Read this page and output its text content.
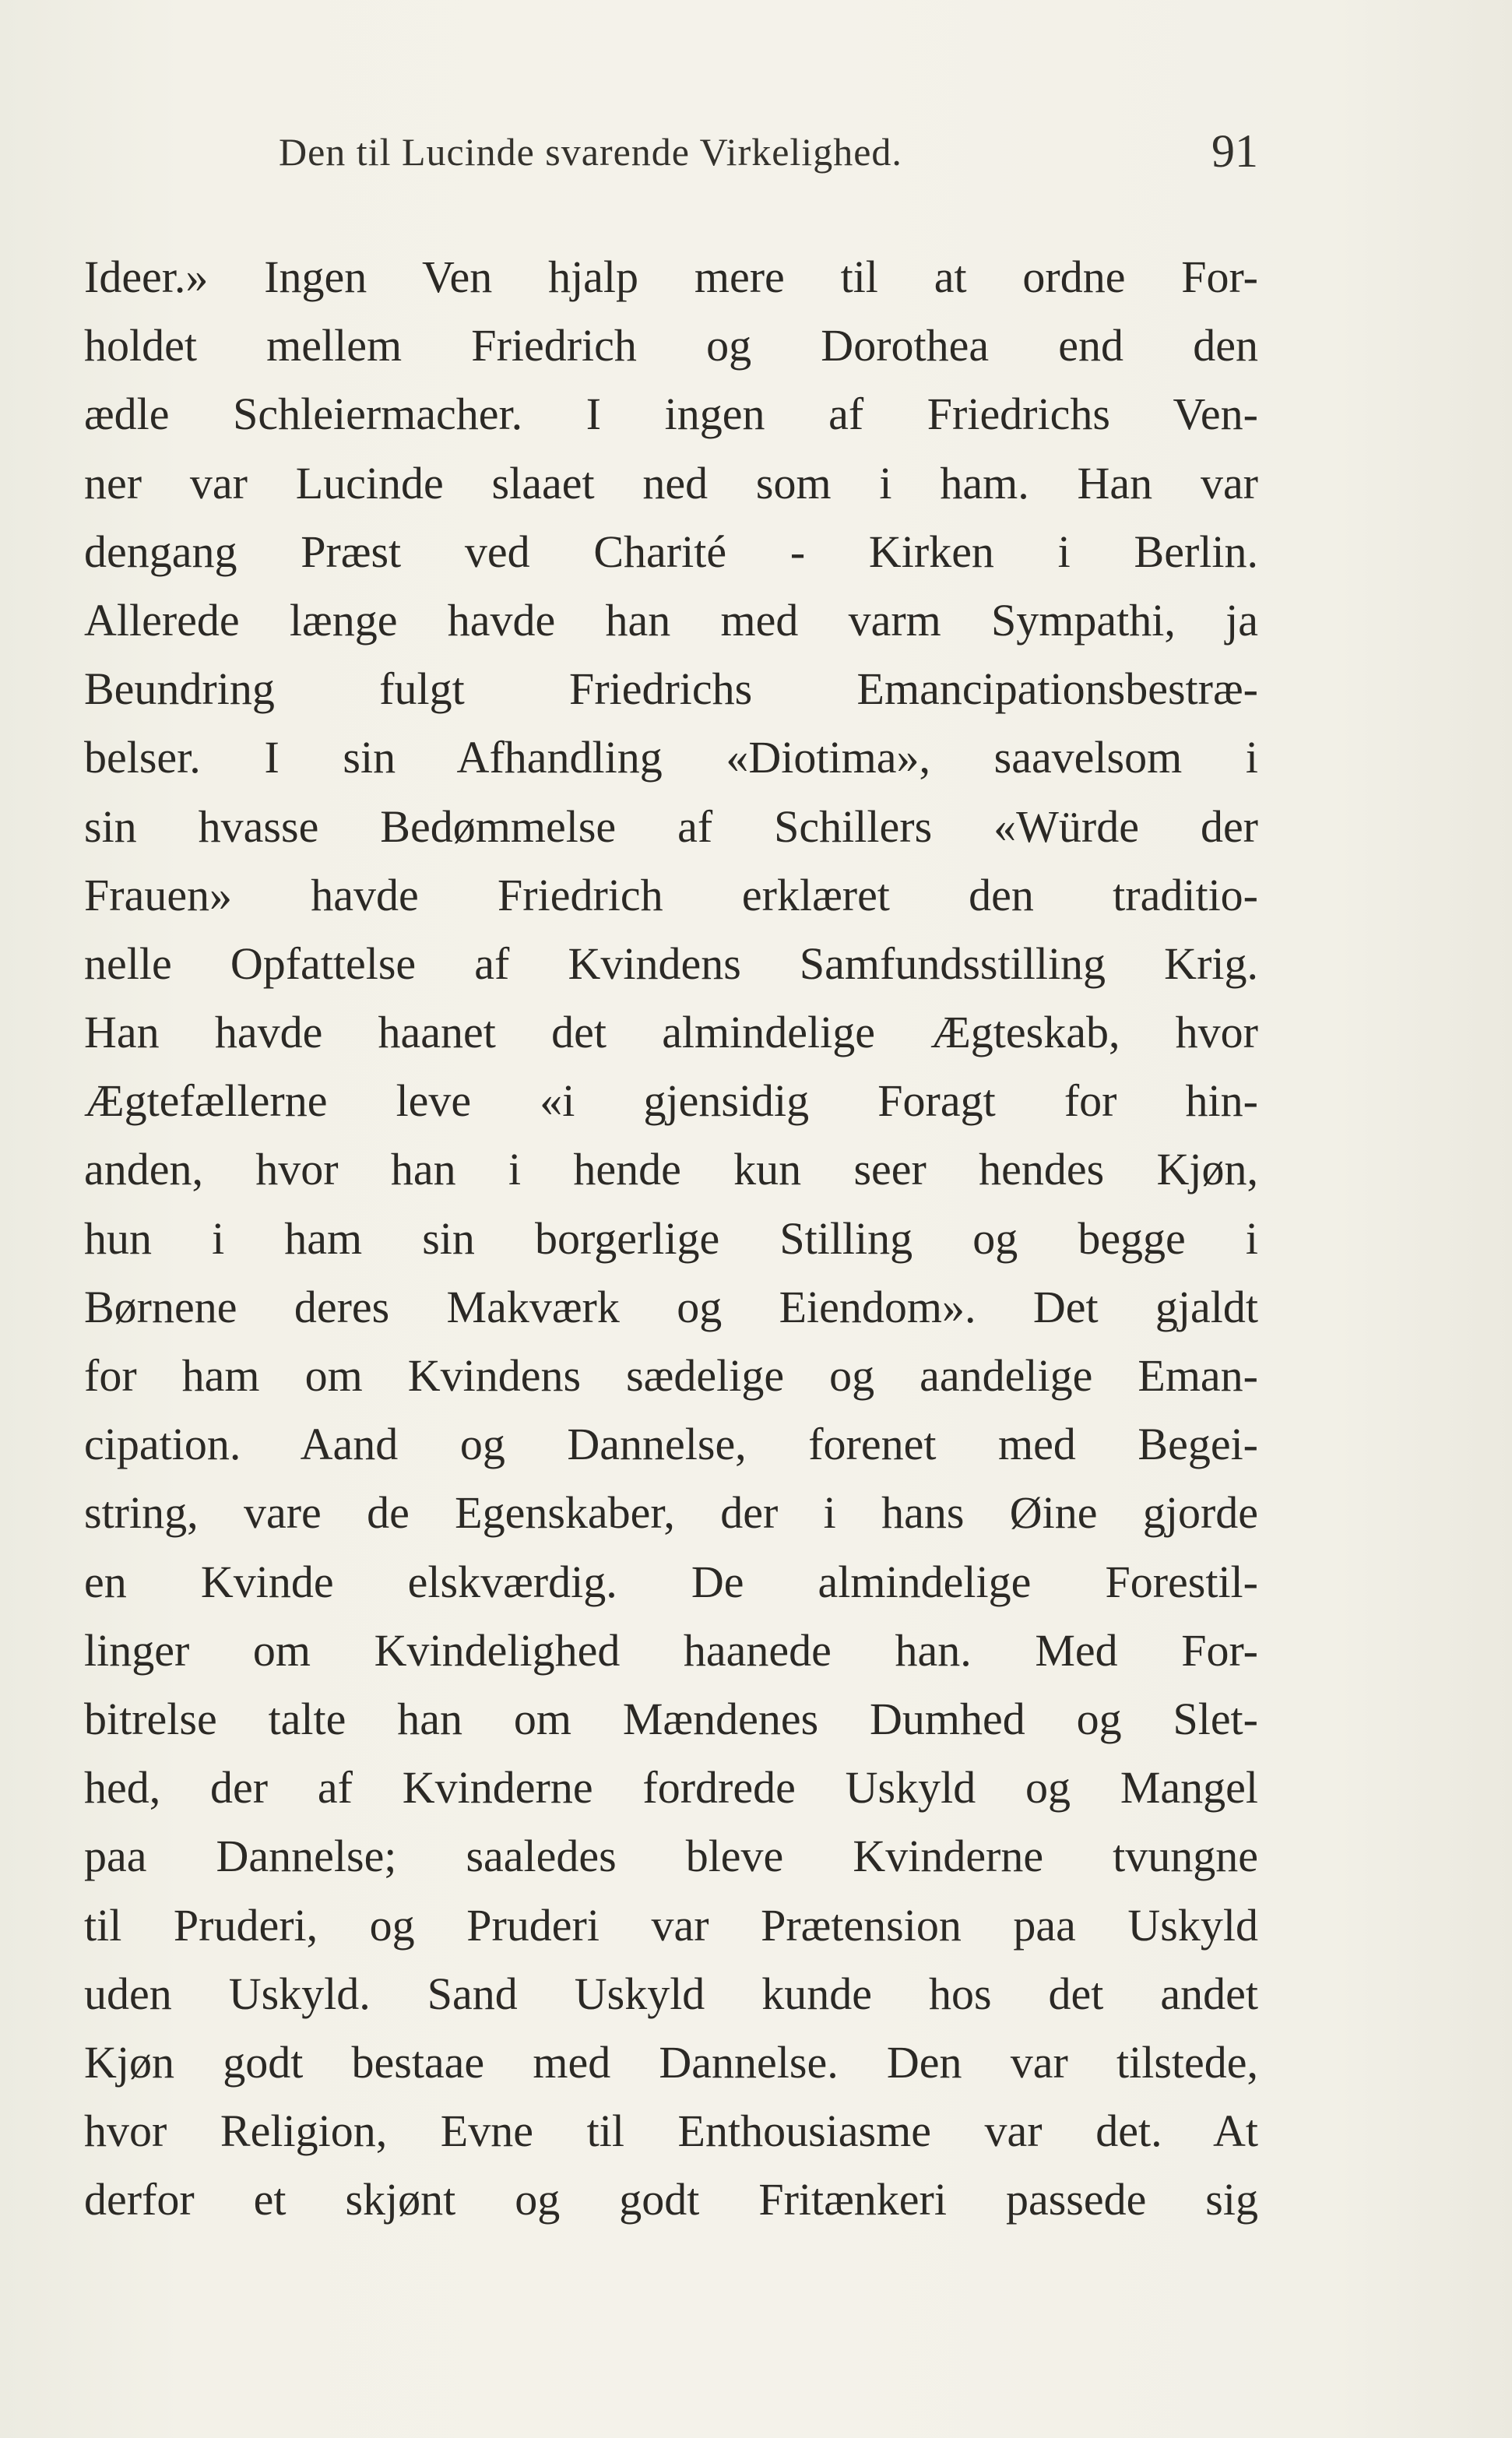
Den til Lucinde svarende Virkelighed.	91
Ideer.» Ingen Ven hjalp mere til at ordne For-
holdet mellem Friedrich og Dorothea end den
ædle Schleiermacher. I ingen af Friedrichs Ven-
ner var Lucinde slaaet ned som i ham. Han var
dengang Præst ved Charité - Kirken i Berlin.
Allerede længe havde han med varm Sympathi, ja
Beundring fulgt Friedrichs Emancipationsbestræ-
belser. I sin Afhandling «Diotima», saavelsom i
sin hvasse Bedømmelse af Schillers «Würde der
Frauen» havde Friedrich erklæret den traditio-
nelle Opfattelse af Kvindens Samfundsstilling Krig.
Han havde haanet det almindelige Ægteskab, hvor
Ægtefællerne leve «i gjensidig Foragt for hin-
anden, hvor han i hende kun seer hendes Kjøn,
hun i ham sin borgerlige Stilling og begge i
Børnene deres Makværk og Eiendom». Det gjaldt
for ham om Kvindens sædelige og aandelige Eman-
cipation. Aand og Dannelse, forenet med Begei-
string, vare de Egenskaber, der i hans Øine gjorde
en Kvinde elskværdig. De almindelige Forestil-
linger om Kvindelighed haanede han. Med For-
bitrelse talte han om Mændenes Dumhed og Slet-
hed, der af Kvinderne fordrede Uskyld og Mangel
paa Dannelse; saaledes bleve Kvinderne tvungne
til Pruderi, og Pruderi var Prætension paa Uskyld
uden Uskyld. Sand Uskyld kunde hos det andet
Kjøn godt bestaae med Dannelse. Den var tilstede,
hvor Religion, Evne til Enthousiasme var det. At
derfor et skjønt og godt Fritænkeri passede sig
